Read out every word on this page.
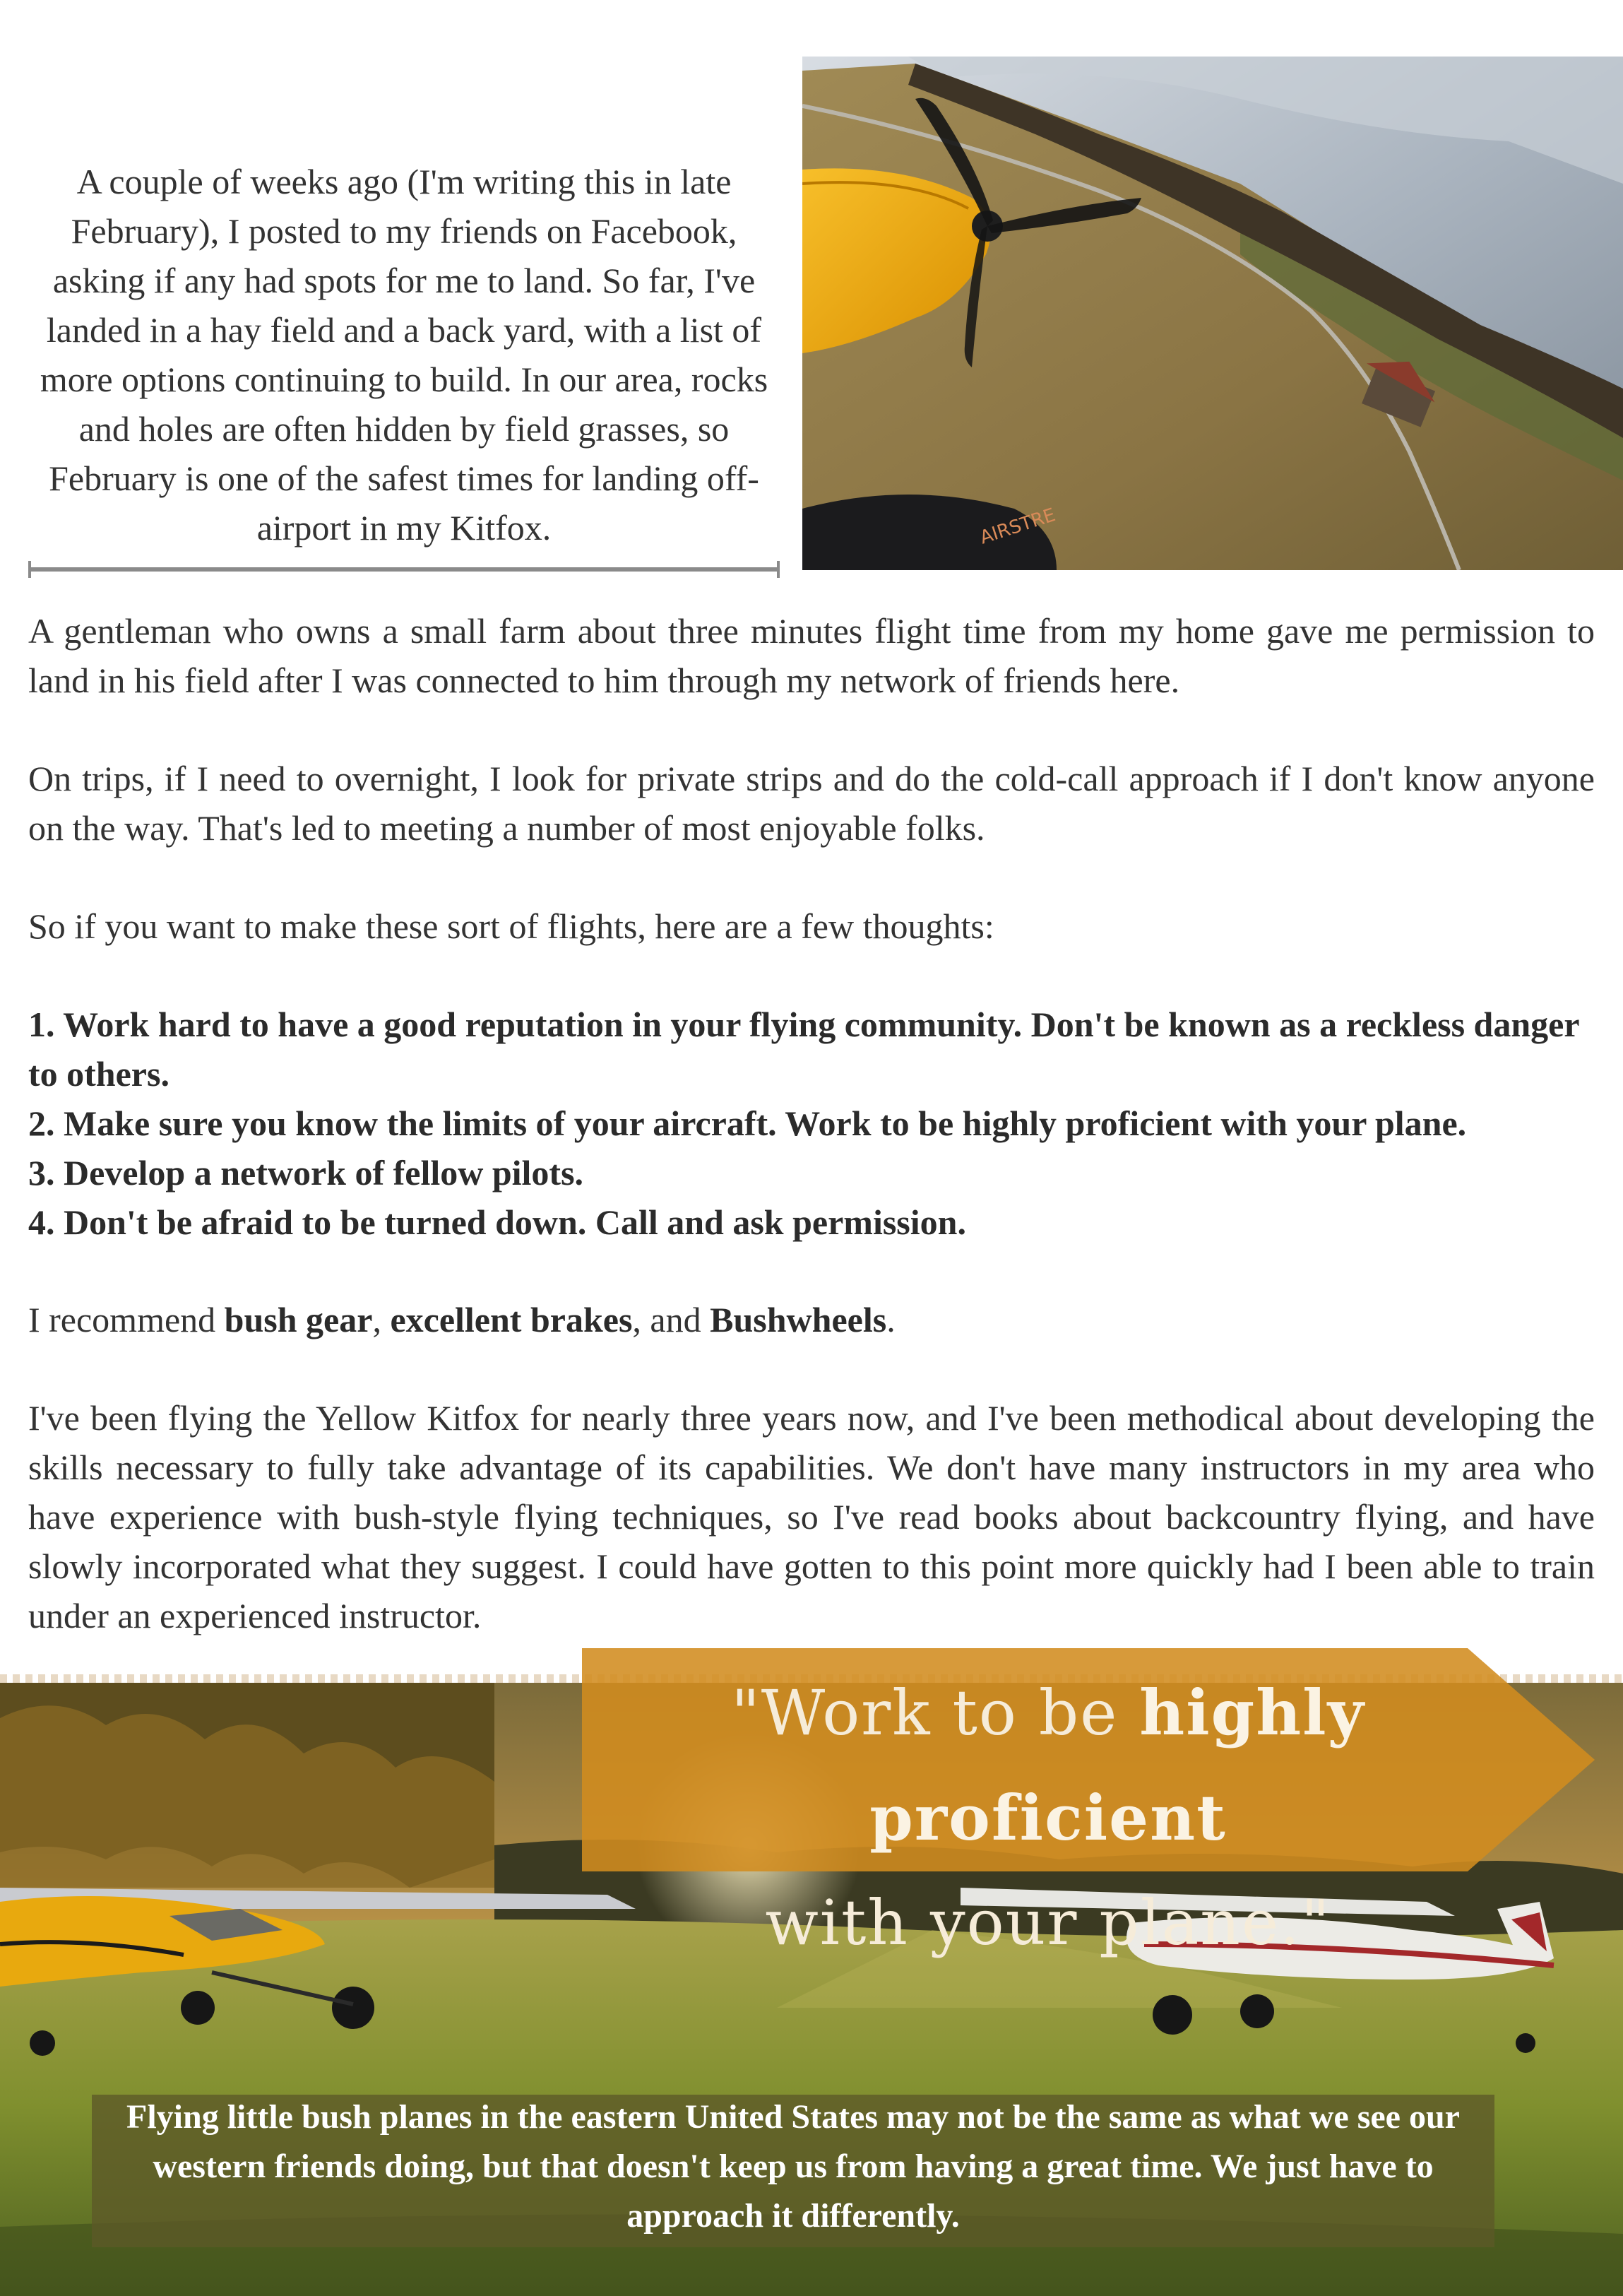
AIRSTRE

A couple of weeks ago (I'm writing this in late February), I posted to my friends on Facebook, asking if any had spots for me to land. So far, I've landed in a hay field and a back yard, with a list of more options continuing to build. In our area, rocks and holes are often hidden by field grasses, so February is one of the safest times for landing off-airport in my Kitfox.

A gentleman who owns a small farm about three minutes flight time from my home gave me permission to land in his field after I was connected to him through my network of friends here.

On trips, if I need to overnight, I look for private strips and do the cold-call approach if I don't know anyone on the way. That's led to meeting a number of most enjoyable folks.

So if you want to make these sort of flights, here are a few thoughts:

1. Work hard to have a good reputation in your flying community. Don't be known as a reckless danger to others.
2. Make sure you know the limits of your aircraft. Work to be highly proficient with your plane.
3. Develop a network of fellow pilots.
4. Don't be afraid to be turned down. Call and ask permission.

I recommend bush gear, excellent brakes, and Bushwheels.

I've been flying the Yellow Kitfox for nearly three years now, and I've been methodical about developing the skills necessary to fully take advantage of its capabilities. We don't have many instructors in my area who have experience with bush-style flying techniques, so I've read books about backcountry flying, and have slowly incorporated what they suggest. I could have gotten to this point more quickly had I been able to train under an experienced instructor.

"Work to be highly proficient
with your plane."

Flying little bush planes in the eastern United States may not be the same as what we see our western friends doing, but that doesn't keep us from having a great time. We just have to approach it differently.
